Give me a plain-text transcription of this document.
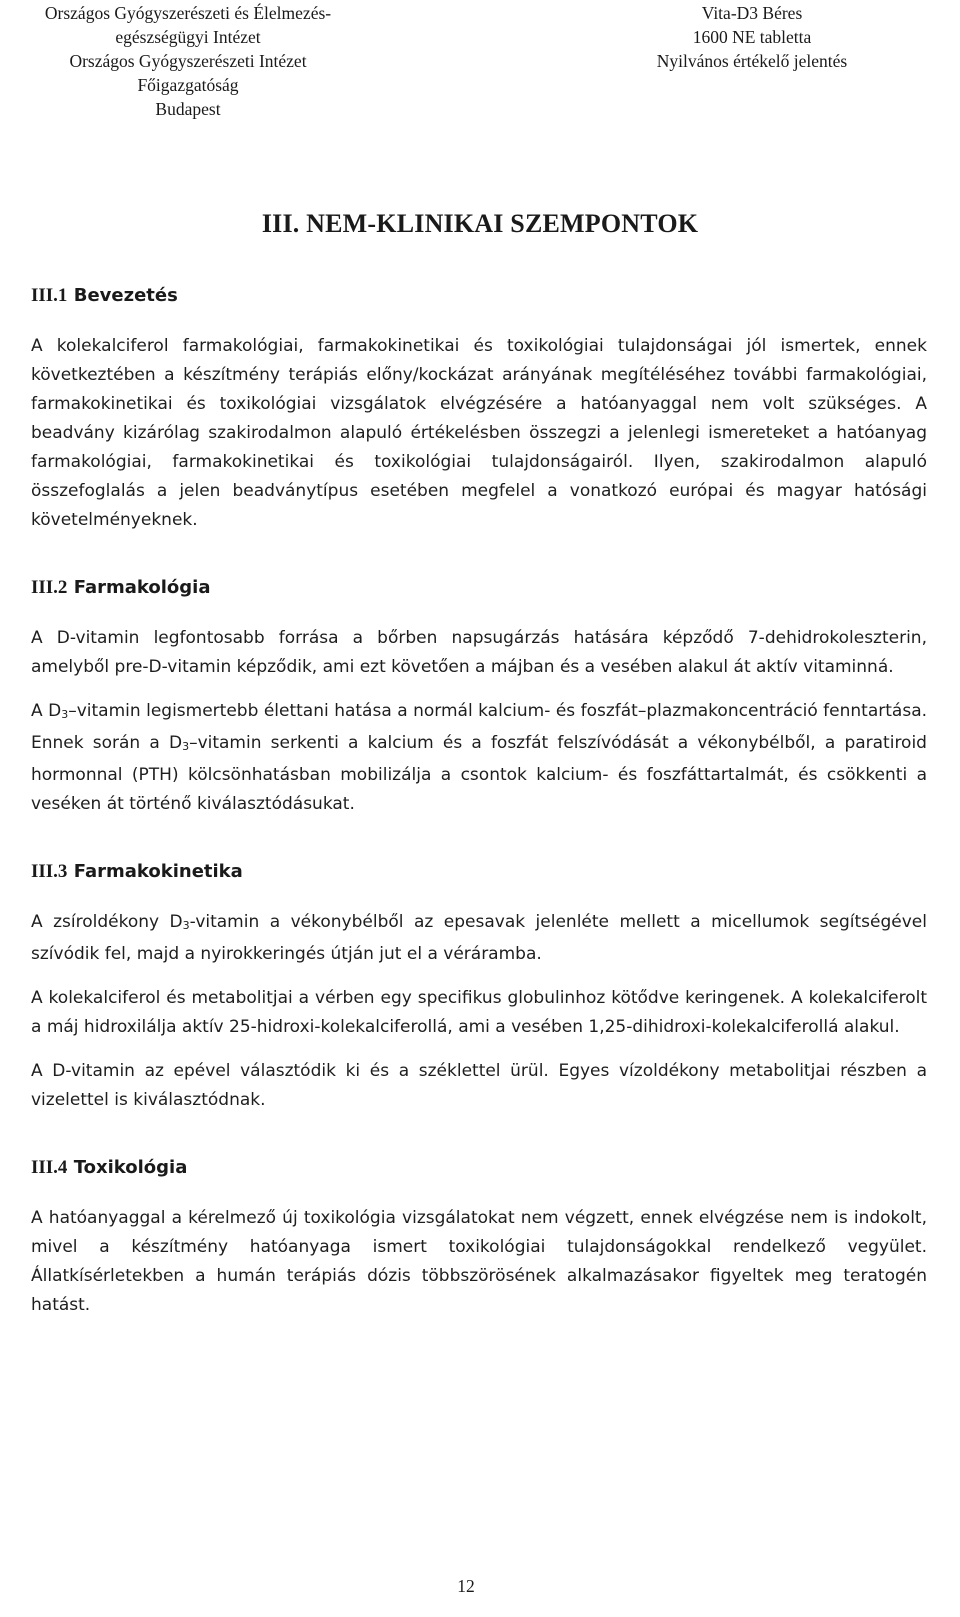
Országos Gyógyszerészeti és Élelmezés-
egészségügyi Intézet
Országos Gyógyszerészeti Intézet
Főigazgatóság
Budapest
Vita-D3 Béres
1600 NE tabletta
Nyilvános értékelő jelentés
III. NEM-KLINIKAI SZEMPONTOK
III.1 Bevezetés

A kolekalciferol farmakológiai, farmakokinetikai és toxikológiai tulajdonságai jól ismertek, ennek következtében a készítmény terápiás előny/kockázat arányának megítéléséhez további farmakológiai, farmakokinetikai és toxikológiai vizsgálatok elvégzésére a hatóanyaggal nem volt szükséges. A beadvány kizárólag szakirodalmon alapuló értékelésben összegzi a jelenlegi ismereteket a hatóanyag farmakológiai, farmakokinetikai és toxikológiai tulajdonságairól. Ilyen, szakirodalmon alapuló összefoglalás a jelen beadványtípus esetében megfelel a vonatkozó európai és magyar hatósági követelményeknek.

III.2 Farmakológia

A D-vitamin legfontosabb forrása a bőrben napsugárzás hatására képződő 7-dehidrokoleszterin, amelyből pre-D-vitamin képződik, ami ezt követően a májban és a vesében alakul át aktív vitaminná.

A D3–vitamin legismertebb élettani hatása a normál kalcium- és foszfát–plazmakoncentráció fenntartása. Ennek során a D3–vitamin serkenti a kalcium és a foszfát felszívódását a vékonybélből, a paratiroid hormonnal (PTH) kölcsönhatásban mobilizálja a csontok kalcium- és foszfáttartalmát, és csökkenti a veséken át történő kiválasztódásukat.

III.3 Farmakokinetika

A zsíroldékony D3-vitamin a vékonybélből az epesavak jelenléte mellett a micellumok segítségével szívódik fel, majd a nyirokkeringés útján jut el a véráramba.

A kolekalciferol és metabolitjai a vérben egy specifikus globulinhoz kötődve keringenek. A kolekalciferolt a máj hidroxilálja aktív 25-hidroxi-kolekalciferollá, ami a vesében 1,25-dihidroxi-kolekalciferollá alakul.

A D-vitamin az epével választódik ki és a széklettel ürül. Egyes vízoldékony metabolitjai részben a vizelettel is kiválasztódnak.

III.4 Toxikológia

A hatóanyaggal a kérelmező új toxikológia vizsgálatokat nem végzett, ennek elvégzése nem is indokolt, mivel a készítmény hatóanyaga ismert toxikológiai tulajdonságokkal rendelkező vegyület. Állatkísérletekben a humán terápiás dózis többszörösének alkalmazásakor figyeltek meg teratogén hatást.

12
